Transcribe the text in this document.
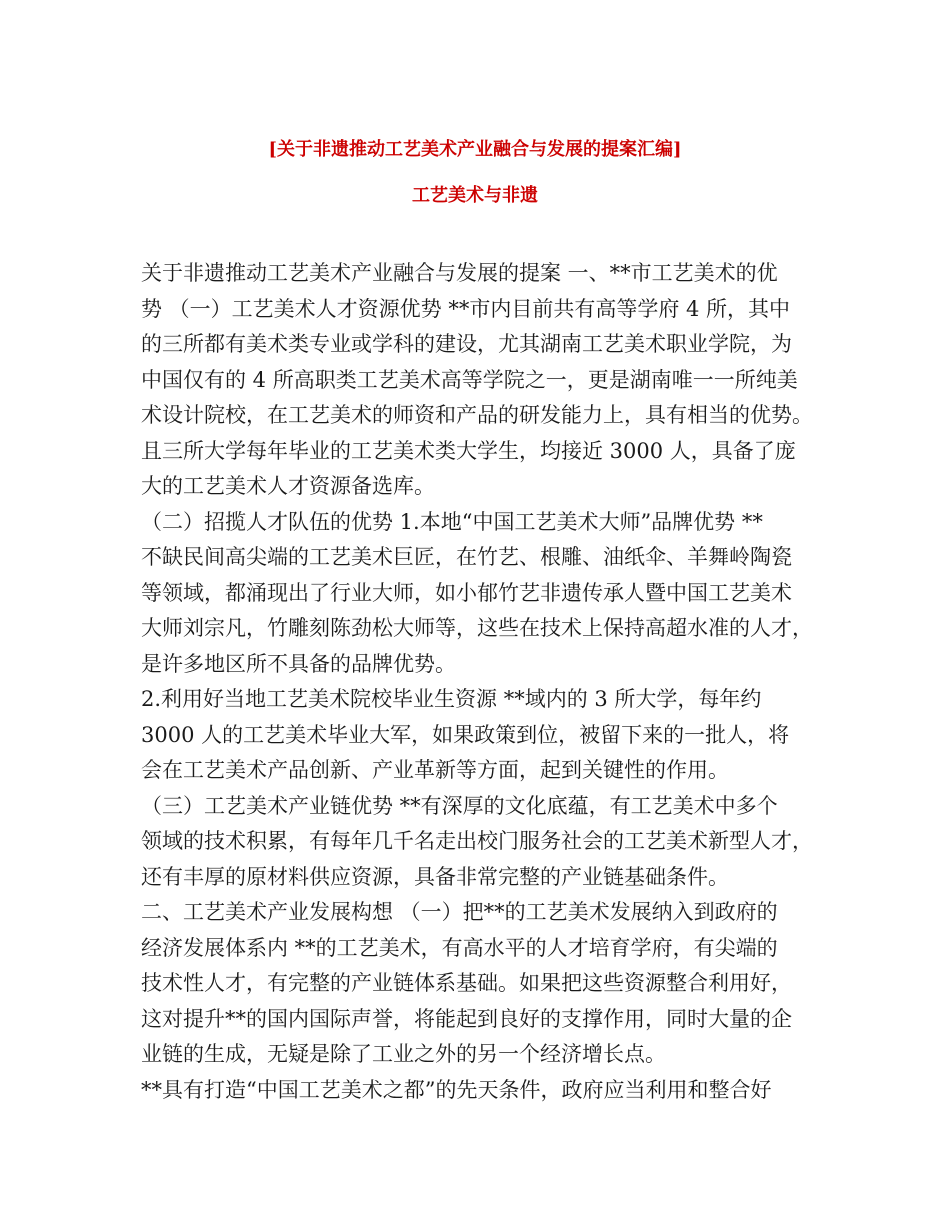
[关于非遗推动工艺美术产业融合与发展的提案汇编]
工艺美术与非遗
关于非遗推动工艺美术产业融合与发展的提案 一、**市工艺美术的优
势 （一）工艺美术人才资源优势 **市内目前共有高等学府 4 所，其中
的三所都有美术类专业或学科的建设，尤其湖南工艺美术职业学院，为
中国仅有的 4 所高职类工艺美术高等学院之一，更是湖南唯一一所纯美
术设计院校，在工艺美术的师资和产品的研发能力上，具有相当的优势。
且三所大学每年毕业的工艺美术类大学生，均接近 3000 人，具备了庞
大的工艺美术人才资源备选库。
（二）招揽人才队伍的优势 1.本地“中国工艺美术大师”品牌优势 **
不缺民间高尖端的工艺美术巨匠，在竹艺、根雕、油纸伞、羊舞岭陶瓷
等领域，都涌现出了行业大师，如小郁竹艺非遗传承人暨中国工艺美术
大师刘宗凡，竹雕刻陈劲松大师等，这些在技术上保持高超水准的人才，
是许多地区所不具备的品牌优势。
2.利用好当地工艺美术院校毕业生资源 **域内的 3 所大学，每年约
3000 人的工艺美术毕业大军，如果政策到位，被留下来的一批人，将
会在工艺美术产品创新、产业革新等方面，起到关键性的作用。
（三）工艺美术产业链优势 **有深厚的文化底蕴，有工艺美术中多个
领域的技术积累，有每年几千名走出校门服务社会的工艺美术新型人才，
还有丰厚的原材料供应资源，具备非常完整的产业链基础条件。
二、工艺美术产业发展构想 （一）把**的工艺美术发展纳入到政府的
经济发展体系内 **的工艺美术，有高水平的人才培育学府，有尖端的
技术性人才，有完整的产业链体系基础。如果把这些资源整合利用好，
这对提升**的国内国际声誉，将能起到良好的支撑作用，同时大量的企
业链的生成，无疑是除了工业之外的另一个经济增长点。
**具有打造“中国工艺美术之都”的先天条件，政府应当利用和整合好
